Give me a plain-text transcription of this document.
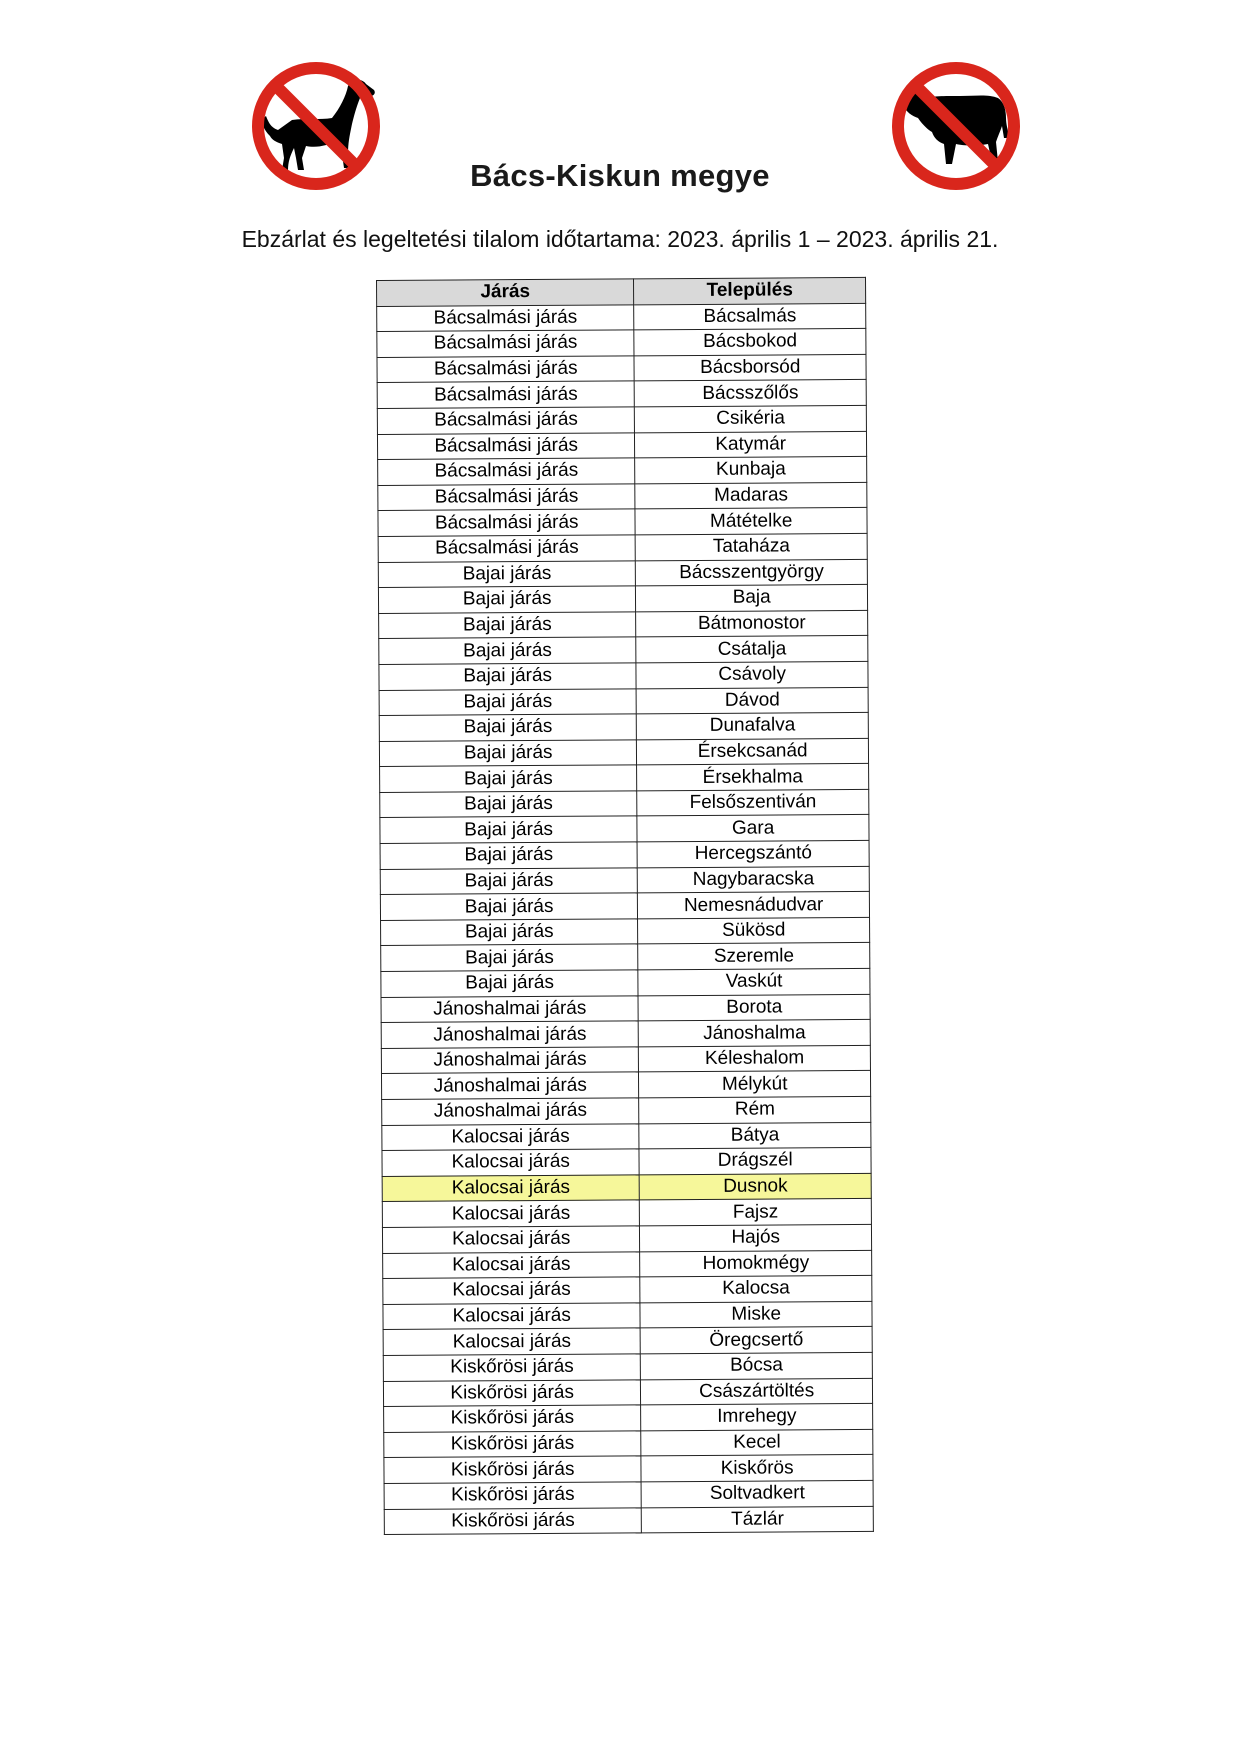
Bács-Kiskun megye
Ebzárlat és legeltetési tilalom időtartama: 2023. április 1 – 2023. április 21.
Járás	Település
Bácsalmási járás	Bácsalmás
Bácsalmási járás	Bácsbokod
Bácsalmási járás	Bácsborsód
Bácsalmási járás	Bácsszőlős
Bácsalmási járás	Csikéria
Bácsalmási járás	Katymár
Bácsalmási járás	Kunbaja
Bácsalmási járás	Madaras
Bácsalmási járás	Mátételke
Bácsalmási járás	Tataháza
Bajai járás	Bácsszentgyörgy
Bajai járás	Baja
Bajai járás	Bátmonostor
Bajai járás	Csátalja
Bajai járás	Csávoly
Bajai járás	Dávod
Bajai járás	Dunafalva
Bajai járás	Érsekcsanád
Bajai járás	Érsekhalma
Bajai járás	Felsőszentiván
Bajai járás	Gara
Bajai járás	Hercegszántó
Bajai járás	Nagybaracska
Bajai járás	Nemesnádudvar
Bajai járás	Sükösd
Bajai járás	Szeremle
Bajai járás	Vaskút
Jánoshalmai járás	Borota
Jánoshalmai járás	Jánoshalma
Jánoshalmai járás	Kéleshalom
Jánoshalmai járás	Mélykút
Jánoshalmai járás	Rém
Kalocsai járás	Bátya
Kalocsai járás	Drágszél
Kalocsai járás	Dusnok
Kalocsai járás	Fajsz
Kalocsai járás	Hajós
Kalocsai járás	Homokmégy
Kalocsai járás	Kalocsa
Kalocsai járás	Miske
Kalocsai járás	Öregcsertő
Kiskőrösi járás	Bócsa
Kiskőrösi járás	Császártöltés
Kiskőrösi járás	Imrehegy
Kiskőrösi járás	Kecel
Kiskőrösi járás	Kiskőrös
Kiskőrösi járás	Soltvadkert
Kiskőrösi járás	Tázlár
